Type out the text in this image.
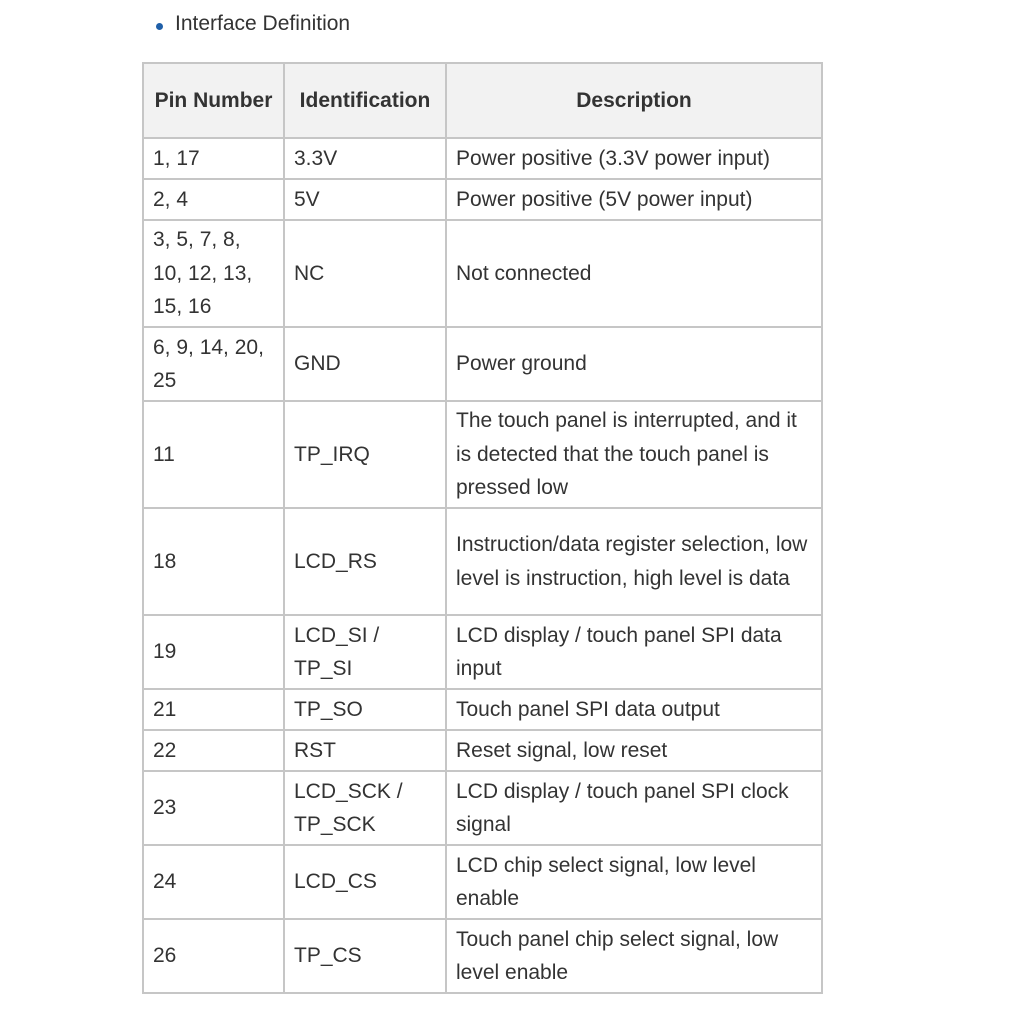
Interface Definition
Pin Number	Identification	Description
1, 17	3.3V	Power positive (3.3V power input)
2, 4	5V	Power positive (5V power input)
3, 5, 7, 8, 10, 12, 13, 15, 16	NC	Not connected
6, 9, 14, 20, 25	GND	Power ground
11	TP_IRQ	The touch panel is interrupted, and it is detected that the touch panel is pressed low
18	LCD_RS	Instruction/data register selection, low level is instruction, high level is data
19	LCD_SI / TP_SI	LCD display / touch panel SPI data input
21	TP_SO	Touch panel SPI data output
22	RST	Reset signal, low reset
23	LCD_SCK / TP_SCK	LCD display / touch panel SPI clock signal
24	LCD_CS	LCD chip select signal, low level enable
26	TP_CS	Touch panel chip select signal, low level enable
